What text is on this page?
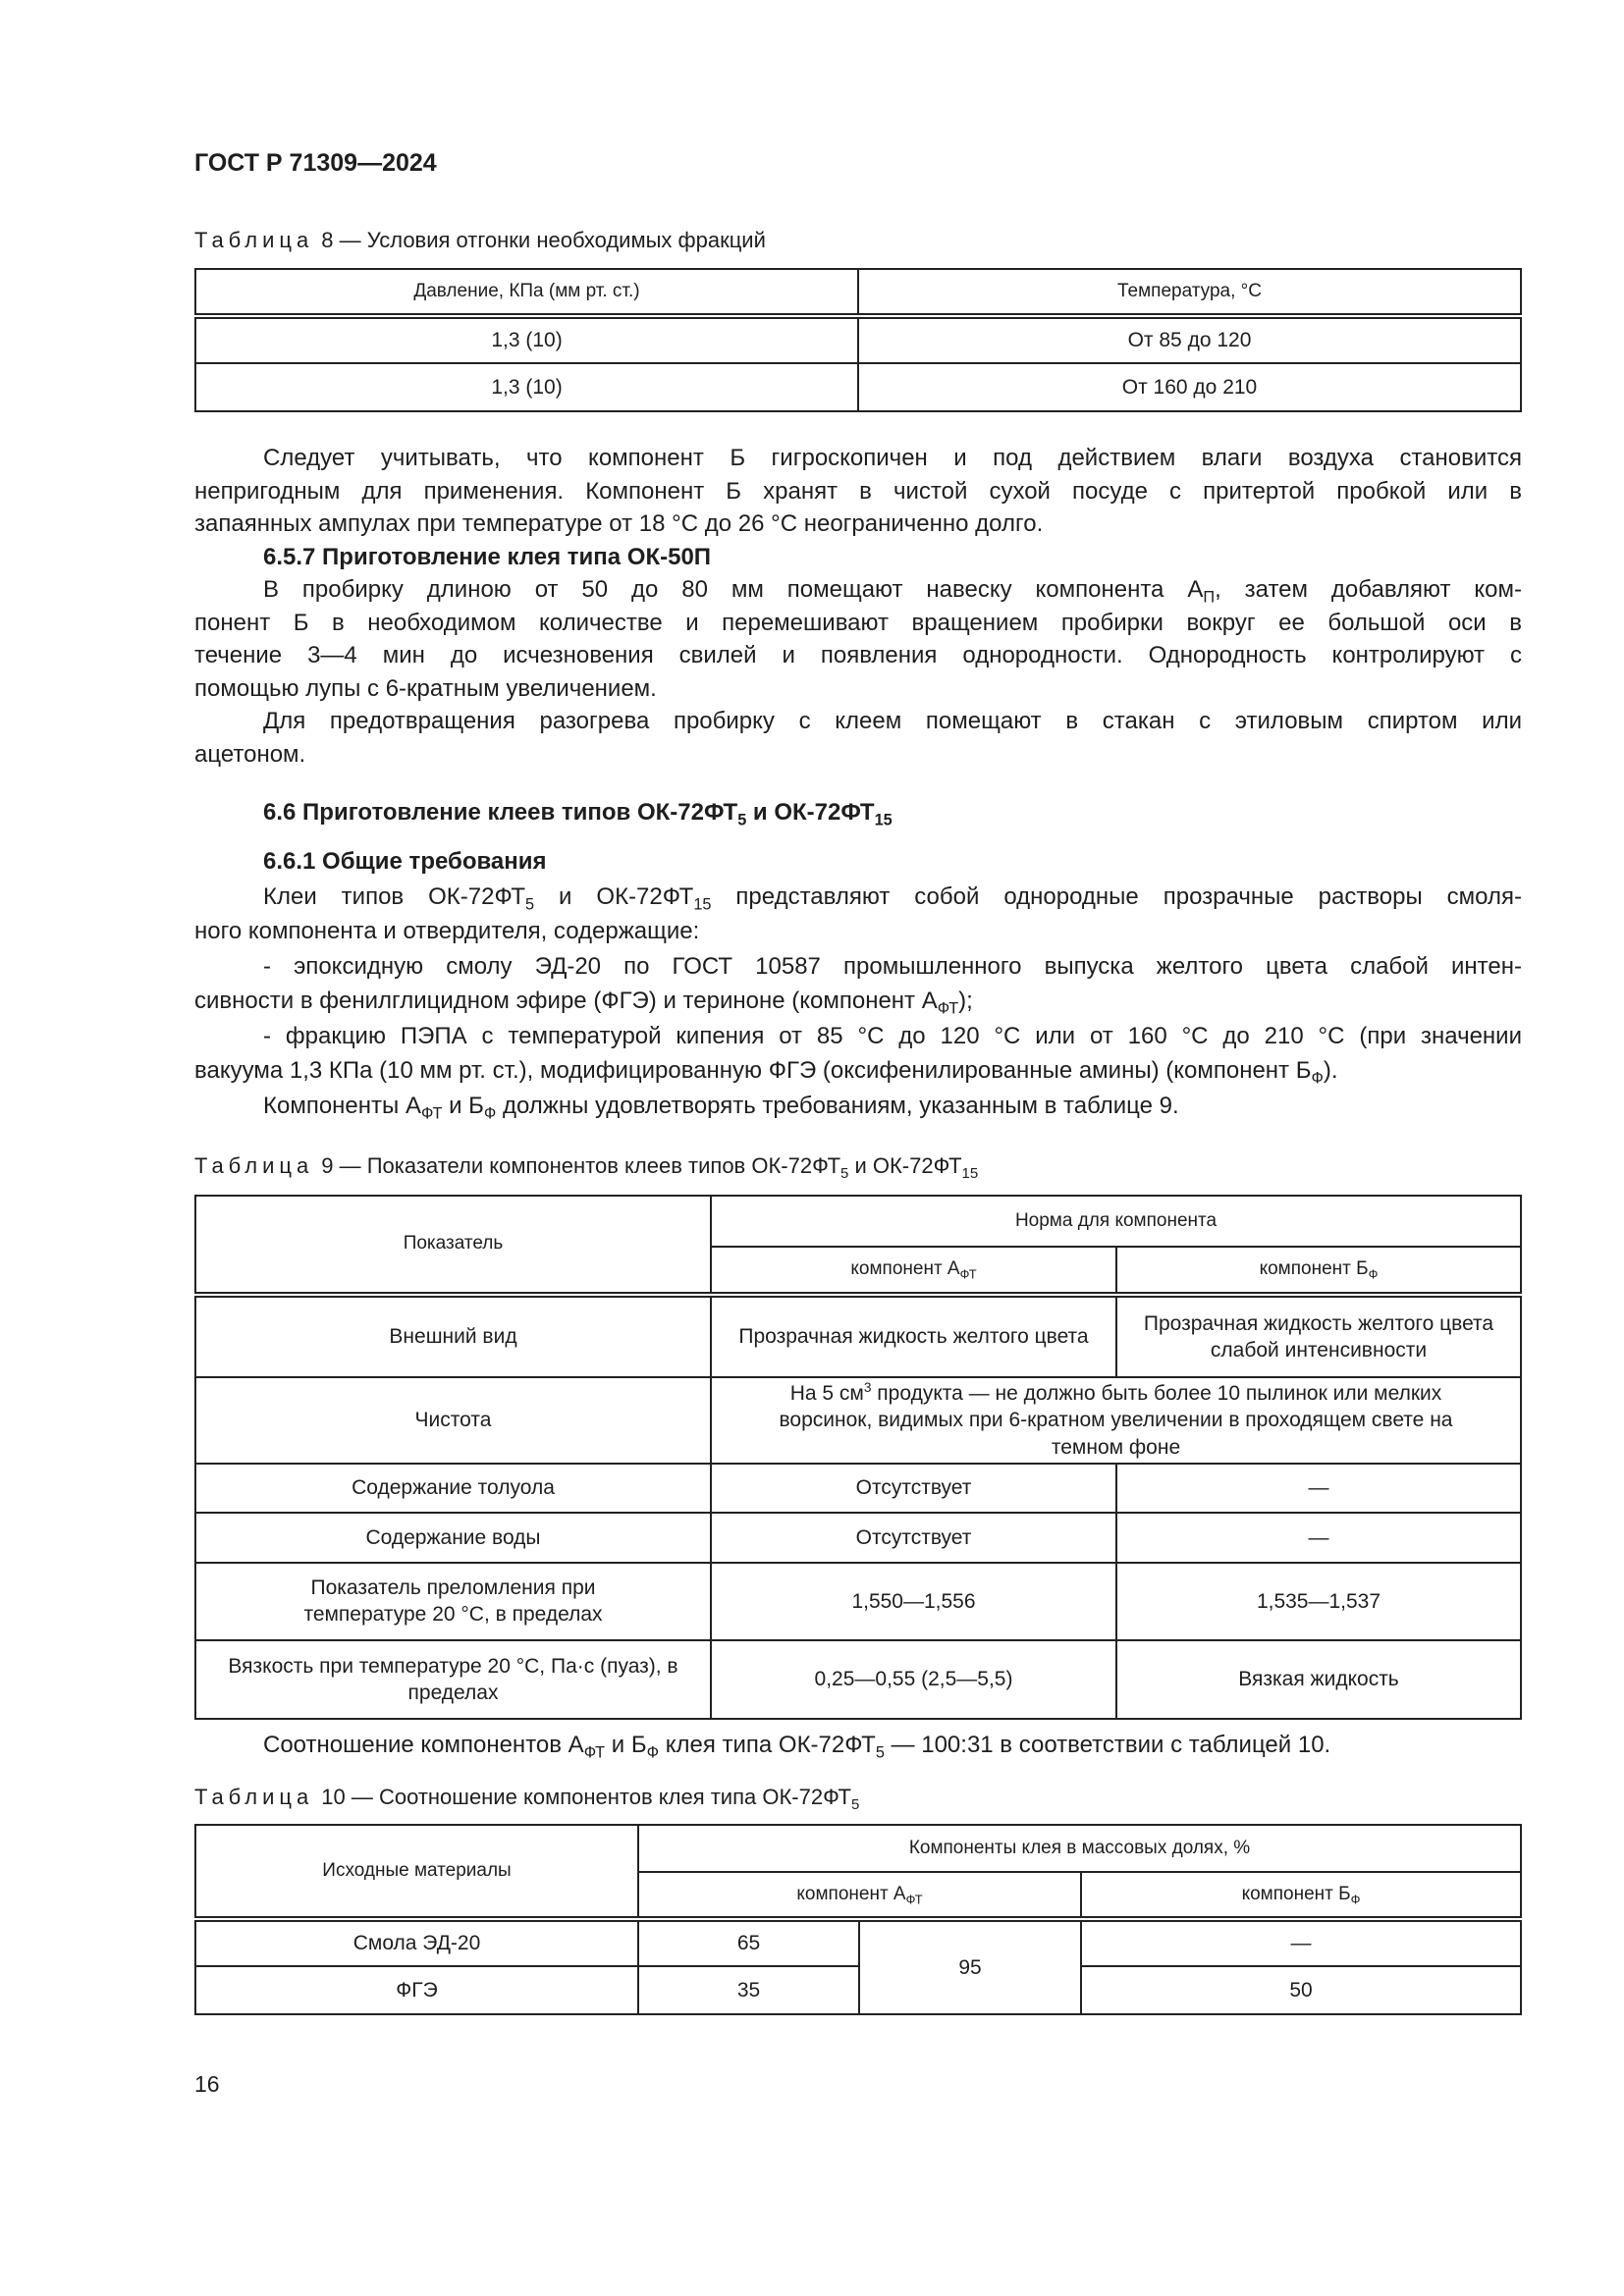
ГОСТ Р 71309—2024
Таблица 8 — Условия отгонки необходимых фракций
Давление, КПа (мм рт. ст.)	Температура, °С
1,3 (10)	От 85 до 120
1,3 (10)	От 160 до 210
Следует учитывать, что компонент Б гигроскопичен и под действием влаги воздуха становится
непригодным для применения. Компонент Б хранят в чистой сухой посуде с притертой пробкой или в
запаянных ампулах при температуре от 18 °С до 26 °С неограниченно долго.
6.5.7 Приготовление клея типа ОК-50П
В пробирку длиною от 50 до 80 мм помещают навеску компонента $А_П$, затем добавляют ком-
понент Б в необходимом количестве и перемешивают вращением пробирки вокруг ее большой оси в
течение 3—4 мин до исчезновения свилей и появления однородности. Однородность контролируют с
помощью лупы с 6-кратным увеличением.
Для предотвращения разогрева пробирку с клеем помещают в стакан с этиловым спиртом или
ацетоном.
6.6 Приготовление клеев типов $ОК-72ФТ_5$ и $ОК-72ФТ_{15}$
6.6.1 Общие требования
Клеи типов $ОК-72ФТ_5$ и $ОК-72ФТ_{15}$ представляют собой однородные прозрачные растворы смоля-
ного компонента и отвердителя, содержащие:
- эпоксидную смолу ЭД-20 по ГОСТ 10587 промышленного выпуска желтого цвета слабой интен-
сивности в фенилглицидном эфире (ФГЭ) и териноне (компонент $А_{ФТ}$);
- фракцию ПЭПА с температурой кипения от 85 °С до 120 °С или от 160 °С до 210 °С (при значении
вакуума 1,3 КПа (10 мм рт. ст.), модифицированную ФГЭ (оксифенилированные амины) (компонент $Б_Ф$).
Компоненты $А_{ФТ}$ и $Б_Ф$ должны удовлетворять требованиям, указанным в таблице 9.
Таблица 9 — Показатели компонентов клеев типов $ОК-72ФТ_5$ и $ОК-72ФТ_{15}$
Показатель	Норма для компонента	
	компонент $А_{ФТ}$	компонент $Б_Ф$
Внешний вид	Прозрачная жидкость желтого цвета	Прозрачная жидкость желтого цвета слабой интенсивности
Чистота	На 5 $см^3$ продукта — не должно быть более 10 пылинок или мелких ворсинок, видимых при 6-кратном увеличении в проходящем свете на темном фоне	
Содержание толуола	Отсутствует	—
Содержание воды	Отсутствует	—
Показатель преломления при температуре 20 °С, в пределах	1,550—1,556	1,535—1,537
Вязкость при температуре 20 °С, Па·с (пуаз), в пределах	0,25—0,55 (2,5—5,5)	Вязкая жидкость
Соотношение компонентов $А_{ФТ}$ и $Б_Ф$ клея типа $ОК-72ФТ_5$ — 100:31 в соответствии с таблицей 10.
Таблица 10 — Соотношение компонентов клея типа $ОК-72ФТ_5$
Исходные материалы	Компоненты клея в массовых долях, %		
	компонент $А_{ФТ}$		компонент $Б_Ф$
Смола ЭД-20	65	95	—
ФГЭ	35		50
16
